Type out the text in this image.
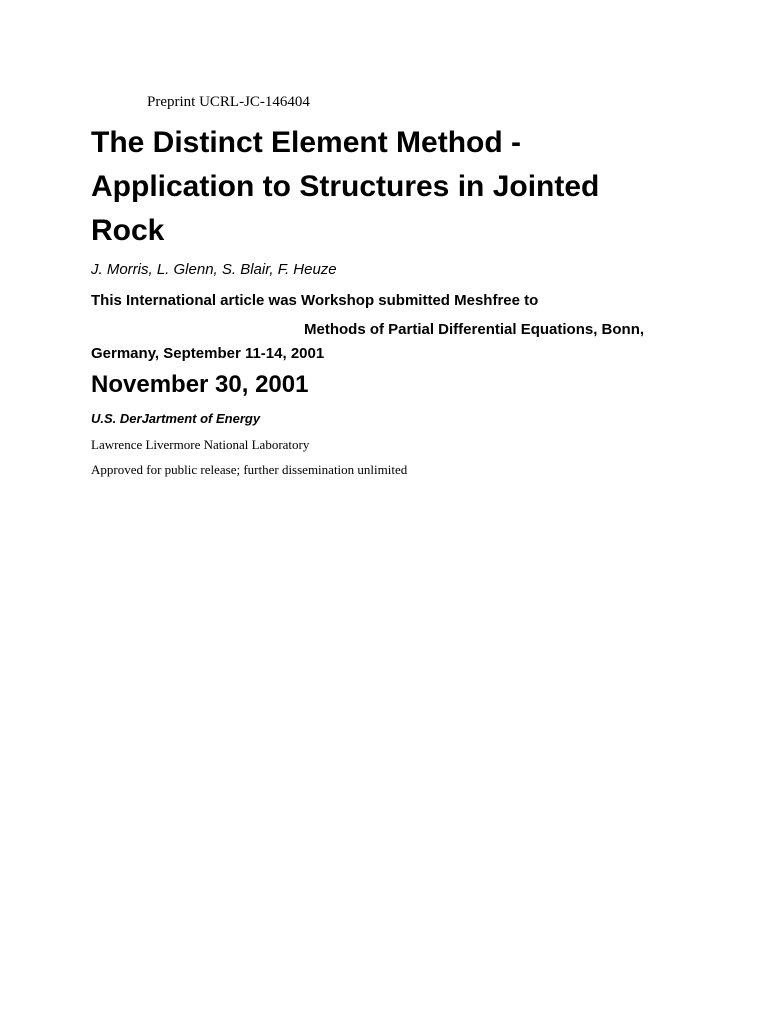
Preprint UCRL-JC-146404
The Distinct Element Method -
Application to Structures in Jointed
Rock
J. Morris, L. Glenn, S. Blair, F. Heuze
This International article was Workshop submitted Meshfree to
Methods of Partial Differential Equations, Bonn,
Germany, September 11-14, 2001
November 30, 2001
U.S. DerJartment of Energy
Lawrence Livermore National Laboratory
Approved for public release; further dissemination unlimited
